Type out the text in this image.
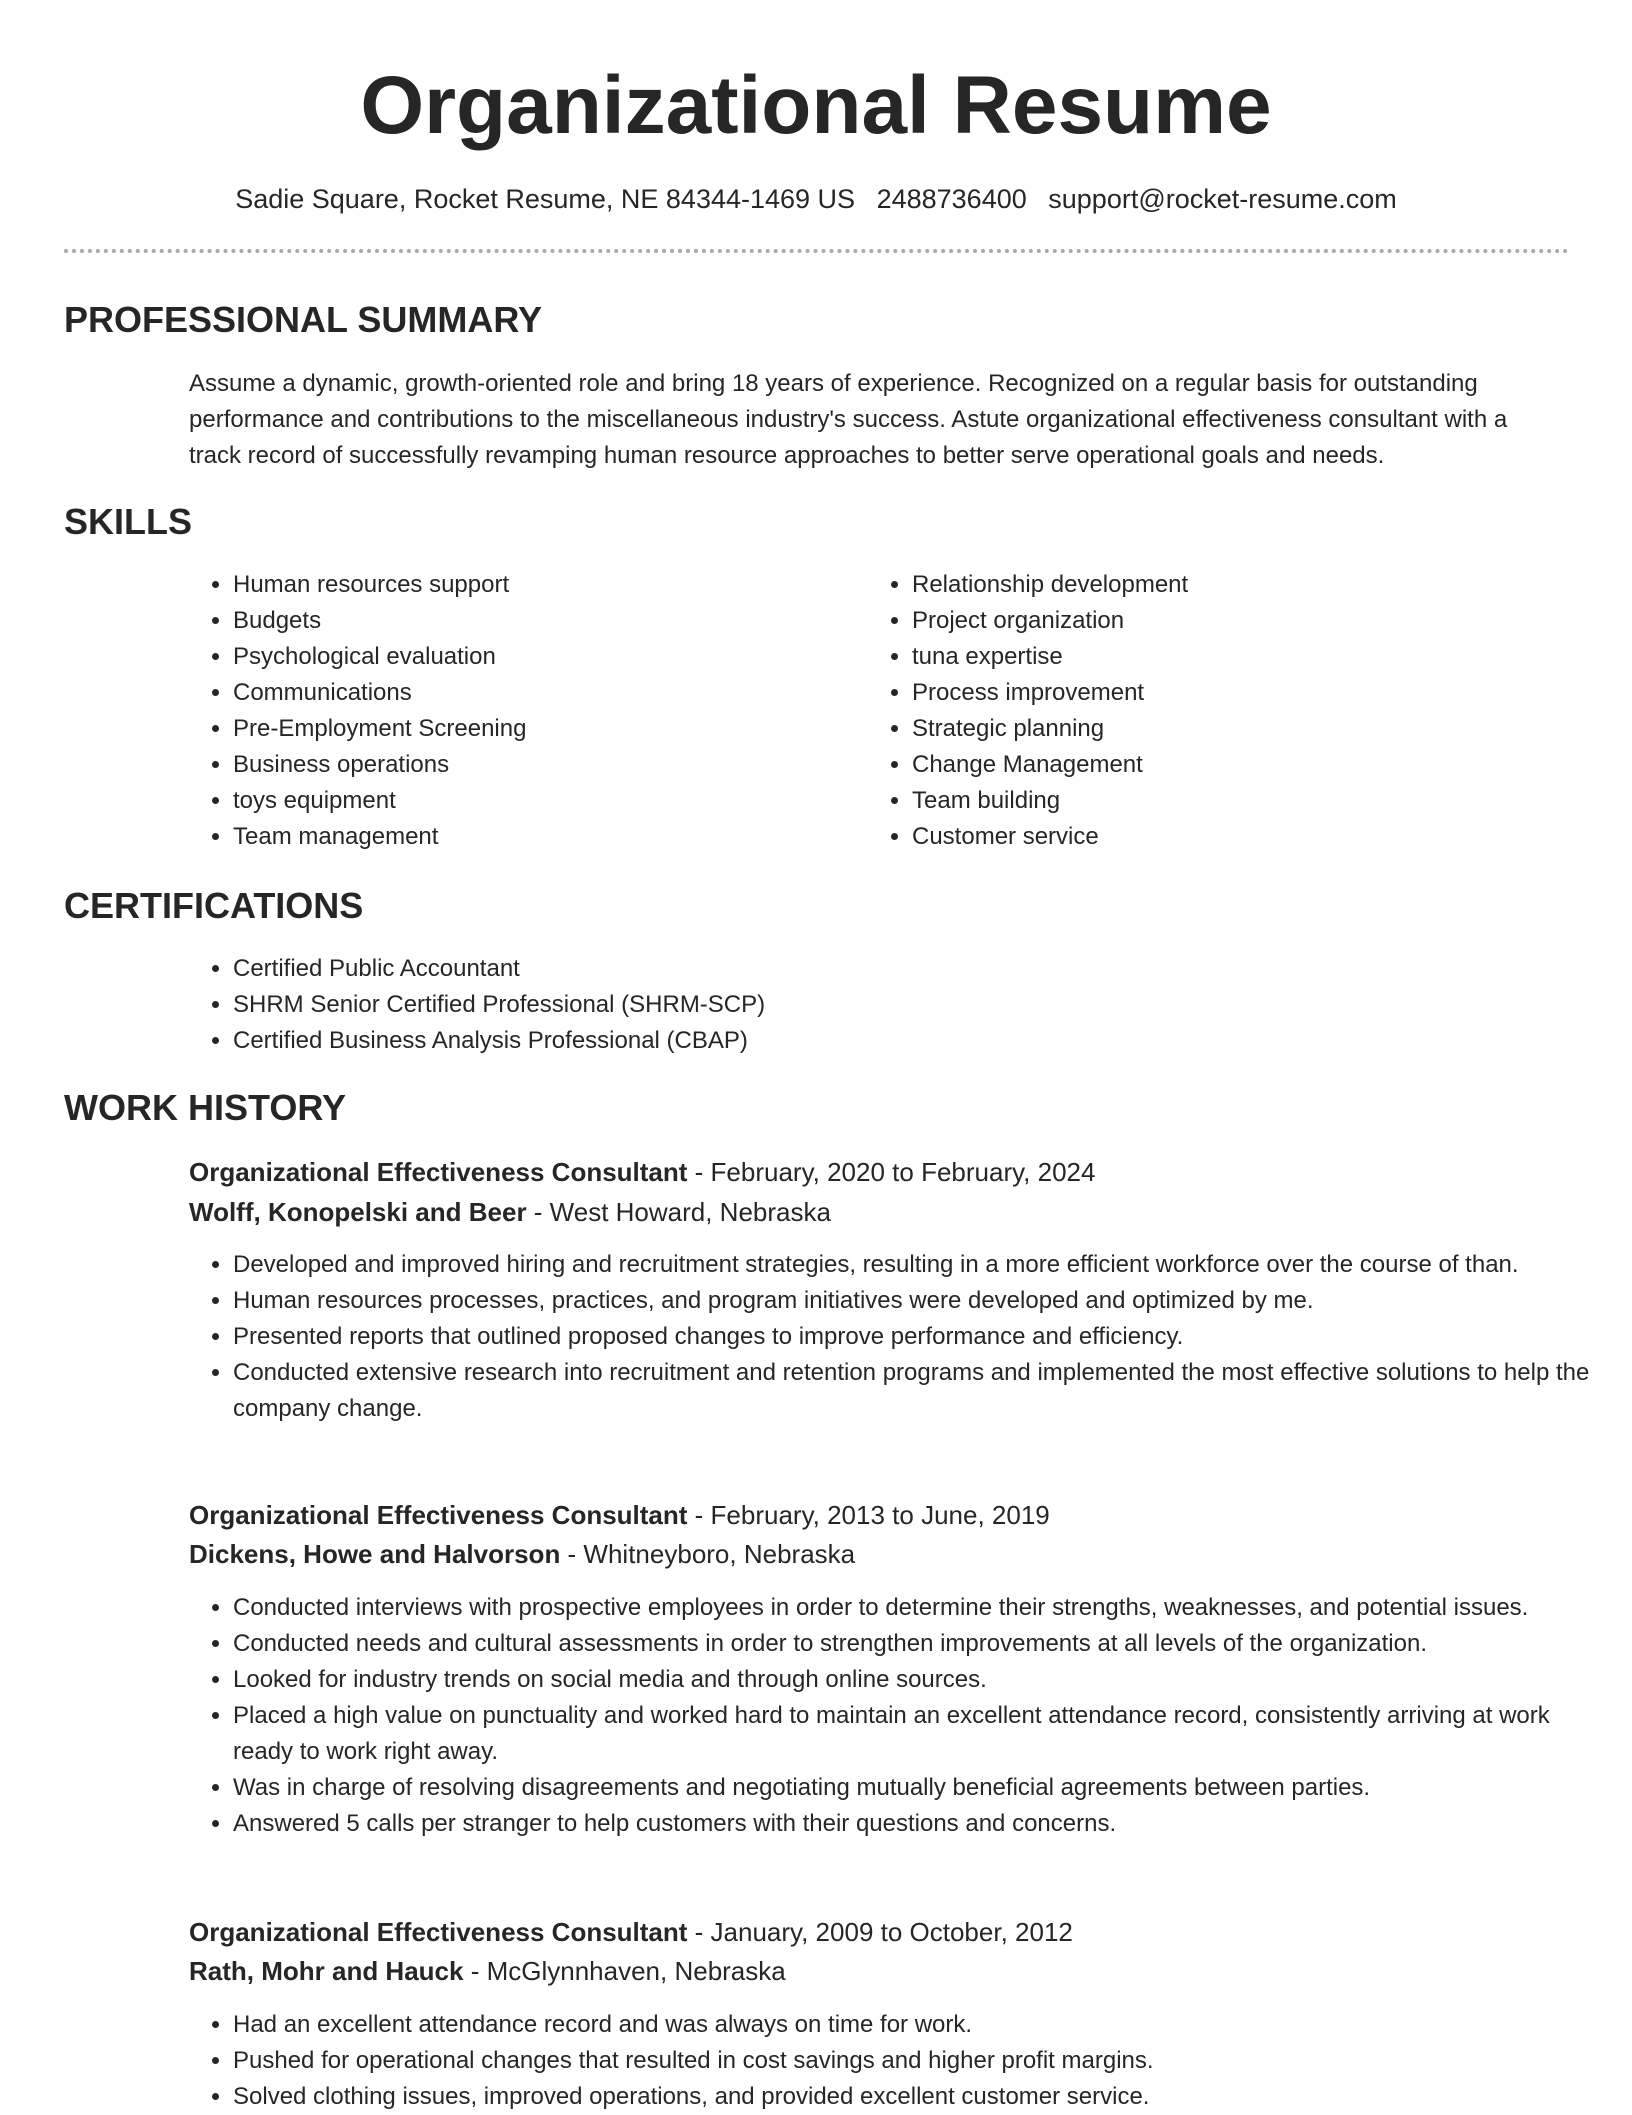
Organizational Resume
Sadie Square, Rocket Resume, NE 84344-1469 US 2488736400 support@rocket-resume.com
PROFESSIONAL SUMMARY

Assume a dynamic, growth-oriented role and bring 18 years of experience. Recognized on a regular basis for outstanding performance and contributions to the miscellaneous industry's success. Astute organizational effectiveness consultant with a track record of successfully revamping human resource approaches to better serve operational goals and needs.

SKILLS
• Human resources support
• Budgets
• Psychological evaluation
• Communications
• Pre-Employment Screening
• Business operations
• toys equipment
• Team management
• Relationship development
• Project organization
• tuna expertise
• Process improvement
• Strategic planning
• Change Management
• Team building
• Customer service
CERTIFICATIONS
• Certified Public Accountant
• SHRM Senior Certified Professional (SHRM-SCP)
• Certified Business Analysis Professional (CBAP)
WORK HISTORY

Organizational Effectiveness Consultant - February, 2020 to February, 2024

Wolff, Konopelski and Beer - West Howard, Nebraska

• Developed and improved hiring and recruitment strategies, resulting in a more efficient workforce over the course of than.
• Human resources processes, practices, and program initiatives were developed and optimized by me.
• Presented reports that outlined proposed changes to improve performance and efficiency.
• Conducted extensive research into recruitment and retention programs and implemented the most effective solutions to help the company change.

Organizational Effectiveness Consultant - February, 2013 to June, 2019

Dickens, Howe and Halvorson - Whitneyboro, Nebraska

• Conducted interviews with prospective employees in order to determine their strengths, weaknesses, and potential issues.
• Conducted needs and cultural assessments in order to strengthen improvements at all levels of the organization.
• Looked for industry trends on social media and through online sources.
• Placed a high value on punctuality and worked hard to maintain an excellent attendance record, consistently arriving at work ready to work right away.
• Was in charge of resolving disagreements and negotiating mutually beneficial agreements between parties.
• Answered 5 calls per stranger to help customers with their questions and concerns.

Organizational Effectiveness Consultant - January, 2009 to October, 2012

Rath, Mohr and Hauck - McGlynnhaven, Nebraska

• Had an excellent attendance record and was always on time for work.
• Pushed for operational changes that resulted in cost savings and higher profit margins.
• Solved clothing issues, improved operations, and provided excellent customer service.
